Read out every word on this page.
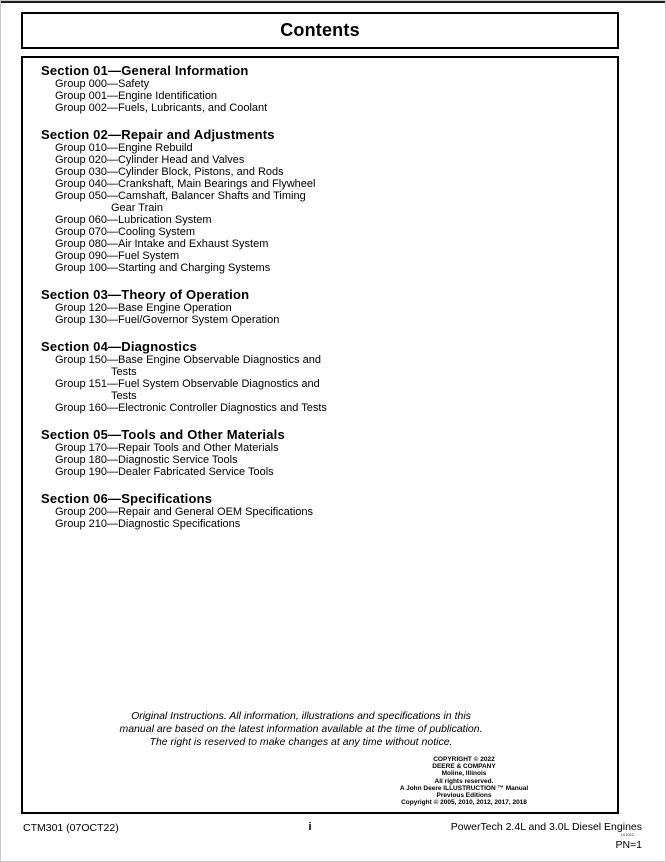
Contents
Section 01—General Information
Group 000—Safety
Group 001—Engine Identification
Group 002—Fuels, Lubricants, and Coolant
Section 02—Repair and Adjustments
Group 010—Engine Rebuild
Group 020—Cylinder Head and Valves
Group 030—Cylinder Block, Pistons, and Rods
Group 040—Crankshaft, Main Bearings and Flywheel
Group 050—Camshaft, Balancer Shafts and Timing
Gear Train
Group 060—Lubrication System
Group 070—Cooling System
Group 080—Air Intake and Exhaust System
Group 090—Fuel System
Group 100—Starting and Charging Systems
Section 03—Theory of Operation
Group 120—Base Engine Operation
Group 130—Fuel/Governor System Operation
Section 04—Diagnostics
Group 150—Base Engine Observable Diagnostics and
Tests
Group 151—Fuel System Observable Diagnostics and
Tests
Group 160—Electronic Controller Diagnostics and Tests
Section 05—Tools and Other Materials
Group 170—Repair Tools and Other Materials
Group 180—Diagnostic Service Tools
Group 190—Dealer Fabricated Service Tools
Section 06—Specifications
Group 200—Repair and General OEM Specifications
Group 210—Diagnostic Specifications
Original Instructions. All information, illustrations and specifications in this
manual are based on the latest information available at the time of publication.
The right is reserved to make changes at any time without notice.
COPYRIGHT © 2022
DEERE & COMPANY
Moline, Illinois
All rights reserved.
A John Deere ILLUSTRUCTION ™ Manual
Previous Editions
Copyright © 2005, 2010, 2012, 2017, 2018
CTM301 (07OCT22)	i	PowerTech 2.4L and 3.0L Diesel Engines
101022
PN=1
